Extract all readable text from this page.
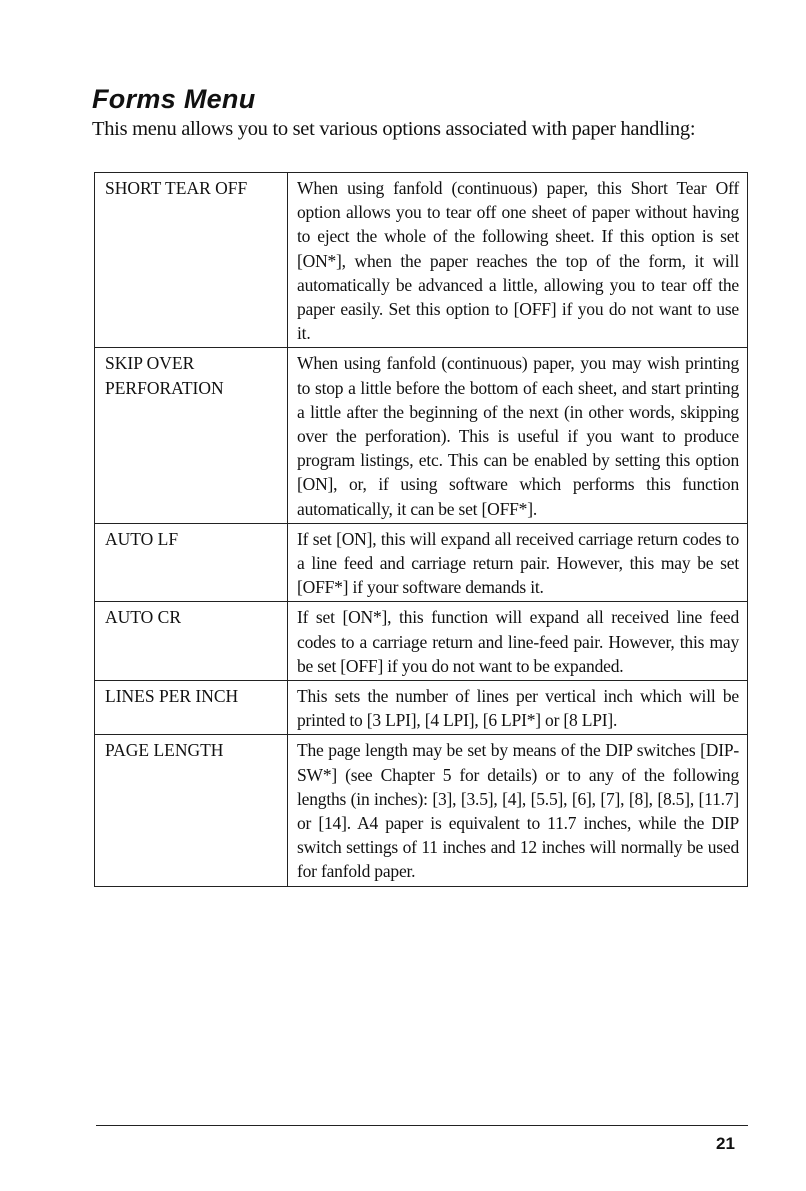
Forms Menu

This menu allows you to set various options associated with paper handling:

SHORT TEAR OFF	When using fanfold (continuous) paper, this Short Tear Off option allows you to tear off one sheet of paper without having to eject the whole of the following sheet. If this option is set [ON*], when the paper reaches the top of the form, it will automatically be advanced a little, allowing you to tear off the paper easily. Set this option to [OFF] if you do not want to use it.
SKIP OVER PERFORATION	When using fanfold (continuous) paper, you may wish printing to stop a little before the bottom of each sheet, and start printing a little after the beginning of the next (in other words, skipping over the perforation). This is useful if you want to produce program listings, etc. This can be enabled by setting this option [ON], or, if using software which performs this function automatically, it can be set [OFF*].
AUTO LF	If set [ON], this will expand all received carriage return codes to a line feed and carriage return pair. However, this may be set [OFF*] if your software demands it.
AUTO CR	If set [ON*], this function will expand all received line feed codes to a carriage return and line-feed pair. However, this may be set [OFF] if you do not want to be expanded.
LINES PER INCH	This sets the number of lines per vertical inch which will be printed to [3 LPI], [4 LPI], [6 LPI*] or [8 LPI].
PAGE LENGTH	The page length may be set by means of the DIP switches [DIP-SW*] (see Chapter 5 for details) or to any of the following lengths (in inches): [3], [3.5], [4], [5.5], [6], [7], [8], [8.5], [11.7] or [14]. A4 paper is equivalent to 11.7 inches, while the DIP switch settings of 11 inches and 12 inches will normally be used for fanfold paper.

21
